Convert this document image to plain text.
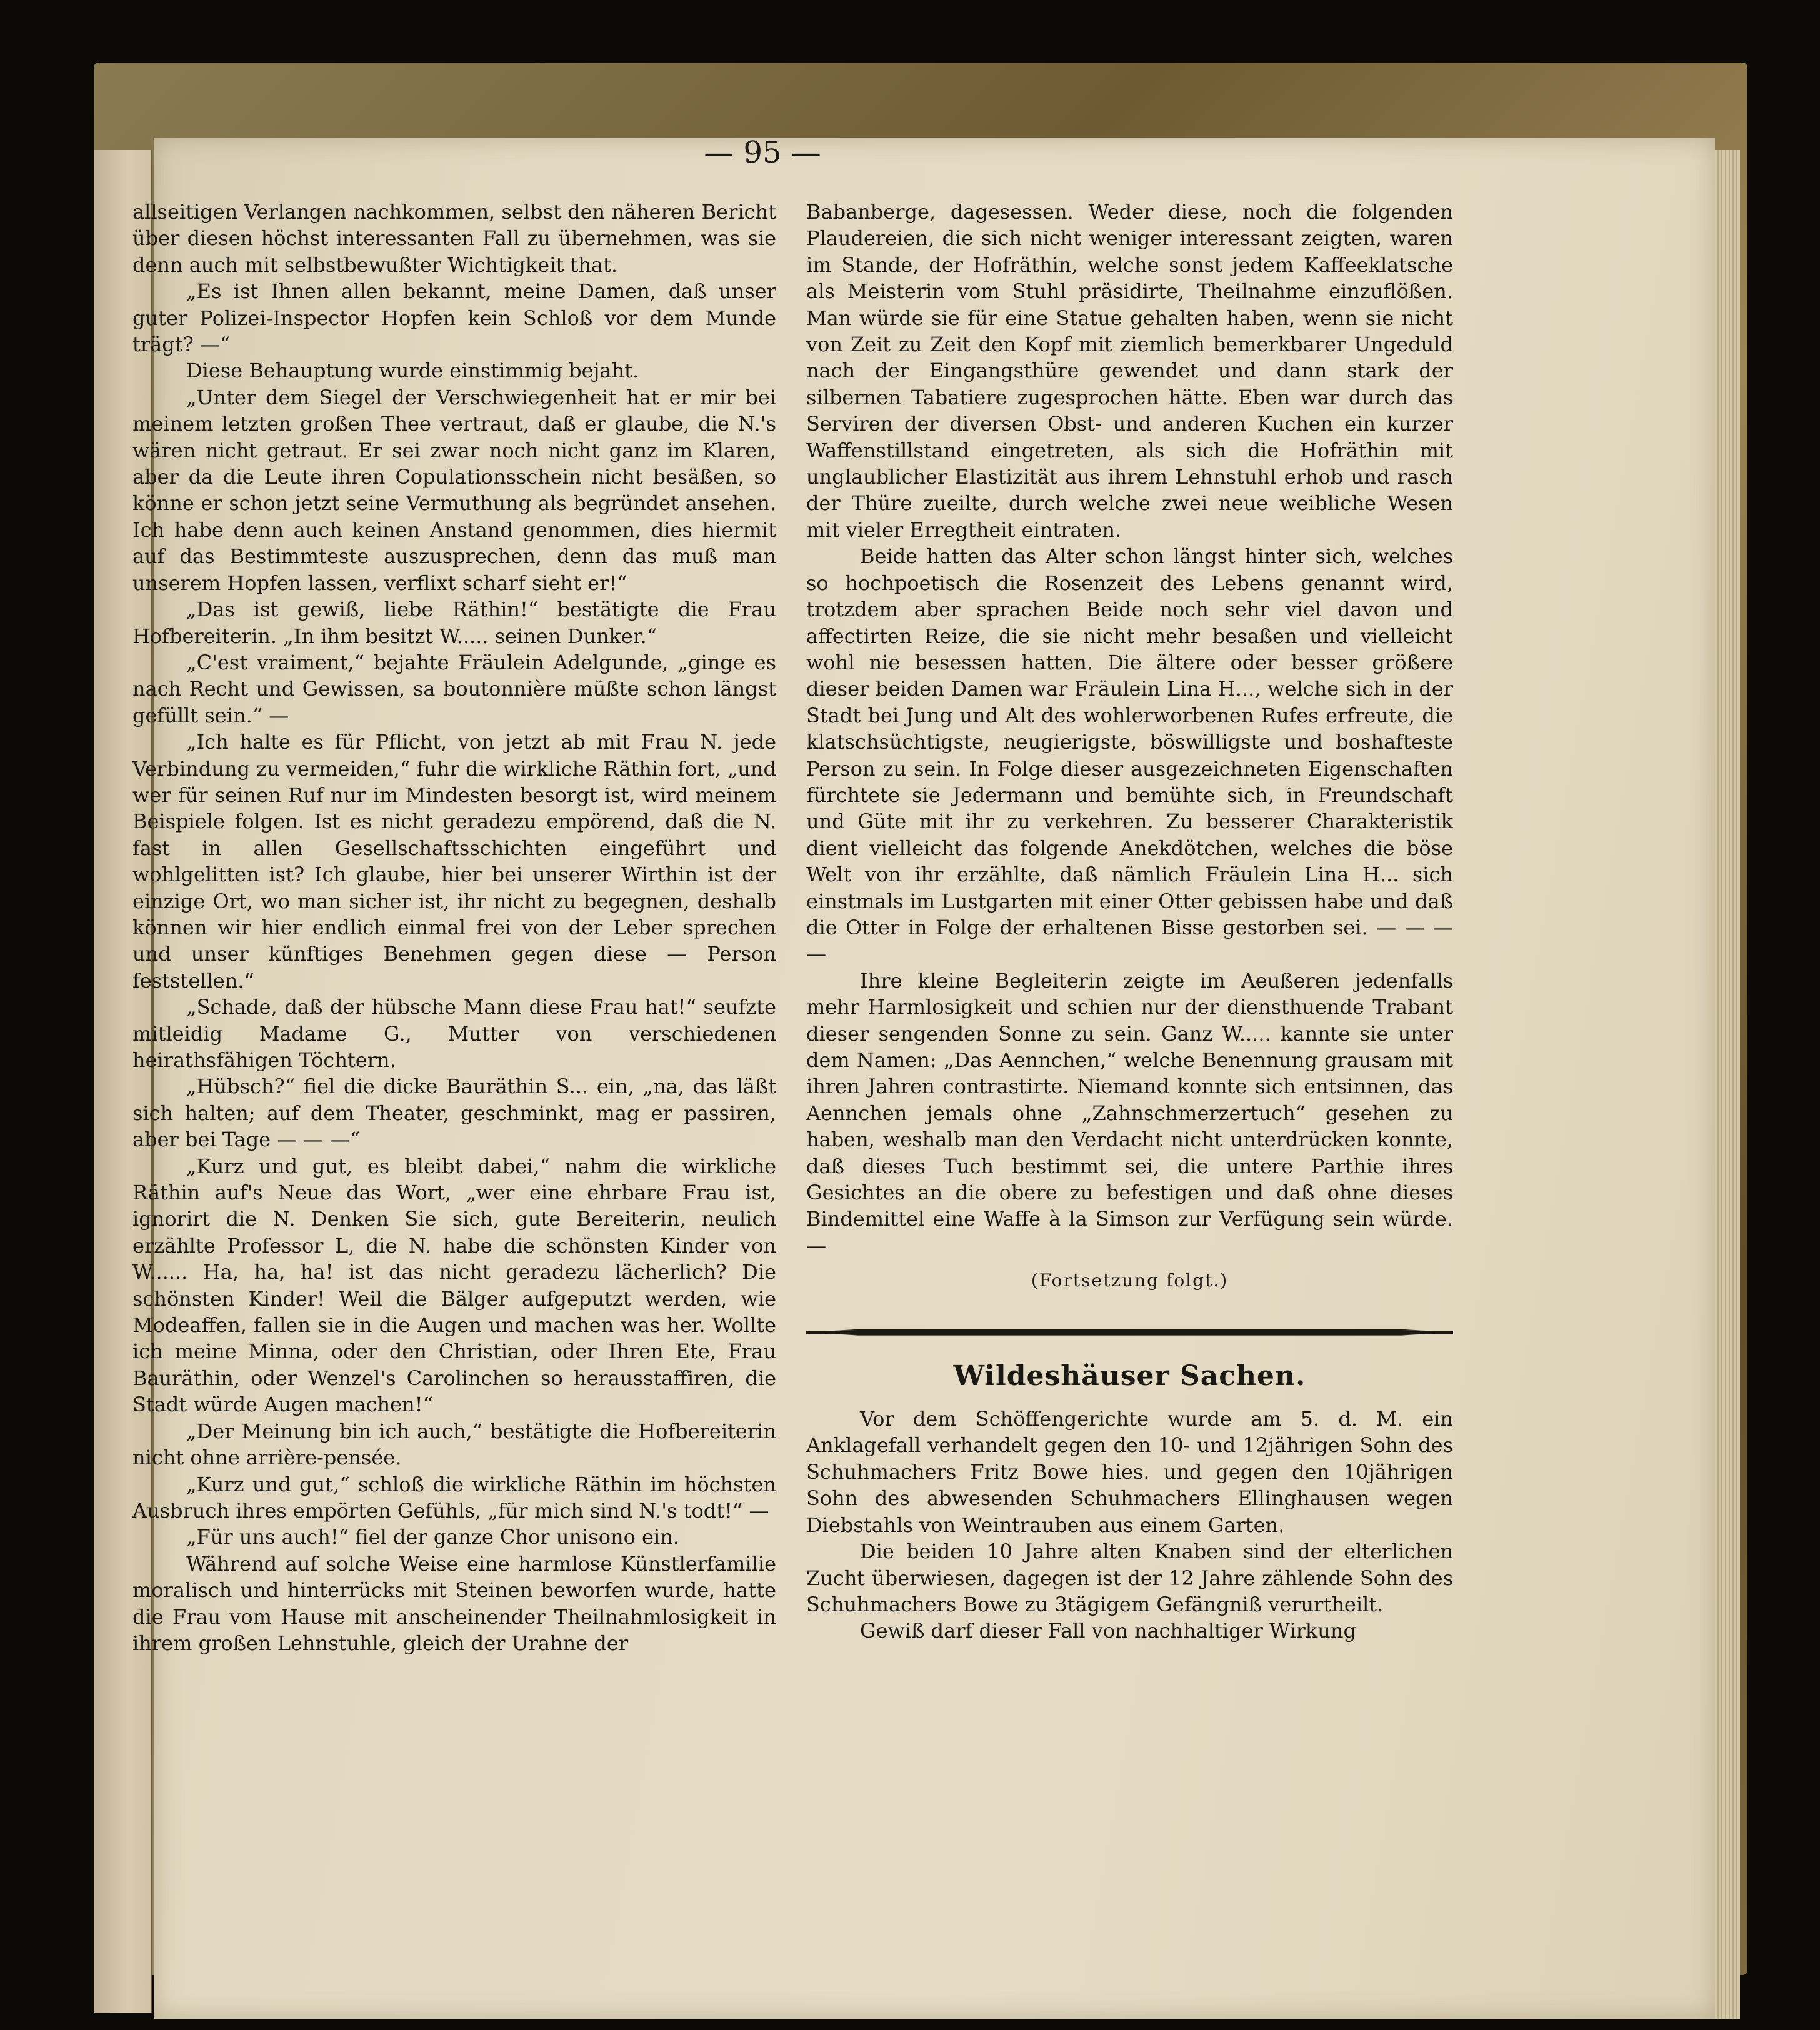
— 95 —

allseitigen Verlangen nachkommen, selbst den näheren Bericht über diesen höchst interessanten Fall zu übernehmen, was sie denn auch mit selbstbewußter Wichtigkeit that.

„Es ist Ihnen allen bekannt, meine Damen, daß unser guter Polizei-Inspector Hopfen kein Schloß vor dem Munde trägt? —“

Diese Behauptung wurde einstimmig bejaht.

„Unter dem Siegel der Verschwiegenheit hat er mir bei meinem letzten großen Thee vertraut, daß er glaube, die N.'s wären nicht getraut. Er sei zwar noch nicht ganz im Klaren, aber da die Leute ihren Copulationsschein nicht besäßen, so könne er schon jetzt seine Vermuthung als begründet ansehen. Ich habe denn auch keinen Anstand genommen, dies hiermit auf das Bestimmteste auszusprechen, denn das muß man unserem Hopfen lassen, verflixt scharf sieht er!“

„Das ist gewiß, liebe Räthin!“ bestätigte die Frau Hofbereiterin. „In ihm besitzt W..... seinen Dunker.“

„C'est vraiment,“ bejahte Fräulein Adelgunde, „ginge es nach Recht und Gewissen, sa boutonnière müßte schon längst gefüllt sein.“ —

„Ich halte es für Pflicht, von jetzt ab mit Frau N. jede Verbindung zu vermeiden,“ fuhr die wirkliche Räthin fort, „und wer für seinen Ruf nur im Mindesten besorgt ist, wird meinem Beispiele folgen. Ist es nicht geradezu empörend, daß die N. fast in allen Gesellschaftsschichten eingeführt und wohlgelitten ist? Ich glaube, hier bei unserer Wirthin ist der einzige Ort, wo man sicher ist, ihr nicht zu begegnen, deshalb können wir hier endlich einmal frei von der Leber sprechen und unser künftiges Benehmen gegen diese — Person feststellen.“

„Schade, daß der hübsche Mann diese Frau hat!“ seufzte mitleidig Madame G., Mutter von verschiedenen heirathsfähigen Töchtern.

„Hübsch?“ fiel die dicke Bauräthin S... ein, „na, das läßt sich halten; auf dem Theater, geschminkt, mag er passiren, aber bei Tage — — —“

„Kurz und gut, es bleibt dabei,“ nahm die wirkliche Räthin auf's Neue das Wort, „wer eine ehrbare Frau ist, ignorirt die N. Denken Sie sich, gute Bereiterin, neulich erzählte Professor L, die N. habe die schönsten Kinder von W...... Ha, ha, ha! ist das nicht geradezu lächerlich? Die schönsten Kinder! Weil die Bälger aufgeputzt werden, wie Modeaffen, fallen sie in die Augen und machen was her. Wollte ich meine Minna, oder den Christian, oder Ihren Ete, Frau Bauräthin, oder Wenzel's Carolinchen so herausstaffiren, die Stadt würde Augen machen!“

„Der Meinung bin ich auch,“ bestätigte die Hofbereiterin nicht ohne arrière-pensée.

„Kurz und gut,“ schloß die wirkliche Räthin im höchsten Ausbruch ihres empörten Gefühls, „für mich sind N.'s todt!“ —

„Für uns auch!“ fiel der ganze Chor unisono ein.

Während auf solche Weise eine harmlose Künstlerfamilie moralisch und hinterrücks mit Steinen beworfen wurde, hatte die Frau vom Hause mit anscheinender Theilnahmlosigkeit in ihrem großen Lehnstuhle, gleich der Urahne der

Babanberge, dagesessen. Weder diese, noch die folgenden Plaudereien, die sich nicht weniger interessant zeigten, waren im Stande, der Hofräthin, welche sonst jedem Kaffeeklatsche als Meisterin vom Stuhl präsidirte, Theilnahme einzuflößen. Man würde sie für eine Statue gehalten haben, wenn sie nicht von Zeit zu Zeit den Kopf mit ziemlich bemerkbarer Ungeduld nach der Eingangsthüre gewendet und dann stark der silbernen Tabatiere zugesprochen hätte. Eben war durch das Serviren der diversen Obst- und anderen Kuchen ein kurzer Waffenstillstand eingetreten, als sich die Hofräthin mit unglaublicher Elastizität aus ihrem Lehnstuhl erhob und rasch der Thüre zueilte, durch welche zwei neue weibliche Wesen mit vieler Erregtheit eintraten.

Beide hatten das Alter schon längst hinter sich, welches so hochpoetisch die Rosenzeit des Lebens genannt wird, trotzdem aber sprachen Beide noch sehr viel davon und affectirten Reize, die sie nicht mehr besaßen und vielleicht wohl nie besessen hatten. Die ältere oder besser größere dieser beiden Damen war Fräulein Lina H..., welche sich in der Stadt bei Jung und Alt des wohlerworbenen Rufes erfreute, die klatschsüchtigste, neugierigste, böswilligste und boshafteste Person zu sein. In Folge dieser ausgezeichneten Eigenschaften fürchtete sie Jedermann und bemühte sich, in Freundschaft und Güte mit ihr zu verkehren. Zu besserer Charakteristik dient vielleicht das folgende Anekdötchen, welches die böse Welt von ihr erzählte, daß nämlich Fräulein Lina H... sich einstmals im Lustgarten mit einer Otter gebissen habe und daß die Otter in Folge der erhaltenen Bisse gestorben sei. — — — —

Ihre kleine Begleiterin zeigte im Aeußeren jedenfalls mehr Harmlosigkeit und schien nur der diensthuende Trabant dieser sengenden Sonne zu sein. Ganz W..... kannte sie unter dem Namen: „Das Aennchen,“ welche Benennung grausam mit ihren Jahren contrastirte. Niemand konnte sich entsinnen, das Aennchen jemals ohne „Zahnschmerzertuch“ gesehen zu haben, weshalb man den Verdacht nicht unterdrücken konnte, daß dieses Tuch bestimmt sei, die untere Parthie ihres Gesichtes an die obere zu befestigen und daß ohne dieses Bindemittel eine Waffe à la Simson zur Verfügung sein würde. —

(Fortsetzung folgt.)

Wildeshäuser Sachen.

Vor dem Schöffengerichte wurde am 5. d. M. ein Anklagefall verhandelt gegen den 10- und 12jährigen Sohn des Schuhmachers Fritz Bowe hies. und gegen den 10jährigen Sohn des abwesenden Schuhmachers Ellinghausen wegen Diebstahls von Weintrauben aus einem Garten.

Die beiden 10 Jahre alten Knaben sind der elterlichen Zucht überwiesen, dagegen ist der 12 Jahre zählende Sohn des Schuhmachers Bowe zu 3tägigem Gefängniß verurtheilt.

Gewiß darf dieser Fall von nachhaltiger Wirkung
